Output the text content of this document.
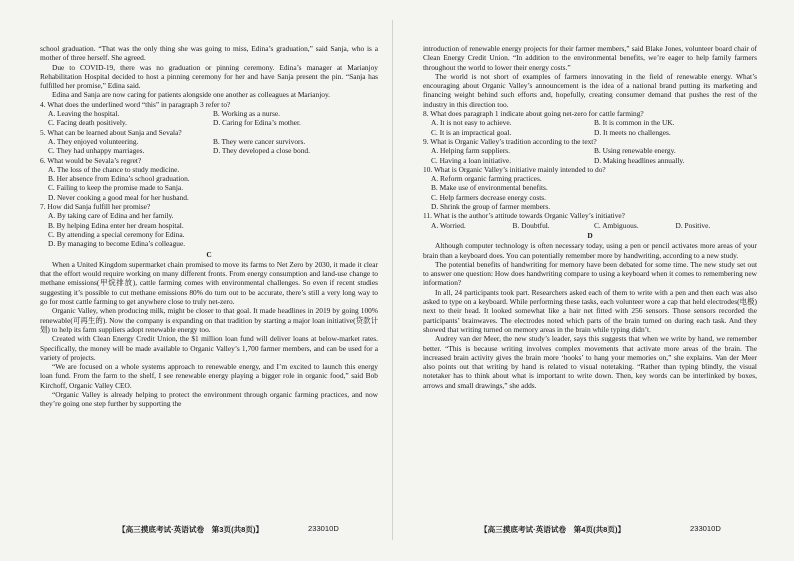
school graduation. “That was the only thing she was going to miss, Edina’s graduation,” said Sanja, who is a mother of three herself. She agreed.

Due to COVID-19, there was no graduation or pinning ceremony. Edina’s manager at Marianjoy Rehabilitation Hospital decided to host a pinning ceremony for her and have Sanja present the pin. “Sanja has fulfilled her promise,” Edina said.

Edina and Sanja are now caring for patients alongside one another as colleagues at Marianjoy.

4. What does the underlined word “this” in paragraph 3 refer to?

A. Leaving the hospital.	B. Working as a nurse.
C. Facing death positively.	D. Caring for Edina’s mother.

5. What can be learned about Sanja and Sevala?

A. They enjoyed volunteering.	B. They were cancer survivors.
C. They had unhappy marriages.	D. They developed a close bond.

6. What would be Sevala’s regret?

A. The loss of the chance to study medicine.
B. Her absence from Edina’s school graduation.
C. Failing to keep the promise made to Sanja.
D. Never cooking a good meal for her husband.

7. How did Sanja fulfill her promise?

A. By taking care of Edina and her family.
B. By helping Edina enter her dream hospital.
C. By attending a special ceremony for Edina.
D. By managing to become Edina’s colleague.
C

When a United Kingdom supermarket chain promised to move its farms to Net Zero by 2030, it made it clear that the effort would require working on many different fronts. From energy consumption and land-use change to methane emissions(甲烷排放), cattle farming comes with environmental challenges. So even if recent studies suggesting it’s possible to cut methane emissions 80% do turn out to be accurate, there’s still a very long way to go for most cattle farming to get anywhere close to truly net-zero.

Organic Valley, when producing milk, might be closer to that goal. It made headlines in 2019 by going 100% renewable(可再生的). Now the company is expanding on that tradition by starting a major loan initiative(贷款计划) to help its farm suppliers adopt renewable energy too.

Created with Clean Energy Credit Union, the $1 million loan fund will deliver loans at below-market rates. Specifically, the money will be made available to Organic Valley’s 1,700 farmer members, and can be used for a variety of projects.

“We are focused on a whole systems approach to renewable energy, and I’m excited to launch this energy loan fund. From the farm to the shelf, I see renewable energy playing a bigger role in organic food,” said Bob Kirchoff, Organic Valley CEO.

“Organic Valley is already helping to protect the environment through organic farming practices, and now they’re going one step further by supporting the

introduction of renewable energy projects for their farmer members,” said Blake Jones, volunteer board chair of Clean Energy Credit Union. “In addition to the environmental benefits, we’re eager to help family farmers throughout the world to lower their energy costs.”

The world is not short of examples of farmers innovating in the field of renewable energy. What’s encouraging about Organic Valley’s announcement is the idea of a national brand putting its marketing and financing weight behind such efforts and, hopefully, creating consumer demand that pushes the rest of the industry in this direction too.

8. What does paragraph 1 indicate about going net-zero for cattle farming?

A. It is not easy to achieve.	B. It is common in the UK.
C. It is an impractical goal.	D. It meets no challenges.

9. What is Organic Valley’s tradition according to the text?

A. Helping farm suppliers.	B. Using renewable energy.
C. Having a loan initiative.	D. Making headlines annually.

10. What is Organic Valley’s initiative mainly intended to do?

A. Reform organic farming practices.
B. Make use of environmental benefits.
C. Help farmers decrease energy costs.
D. Shrink the group of farmer members.

11. What is the author’s attitude towards Organic Valley’s initiative?

A. Worried.	B. Doubtful.	C. Ambiguous.	D. Positive.
D

Although computer technology is often necessary today, using a pen or pencil activates more areas of your brain than a keyboard does. You can potentially remember more by handwriting, according to a new study.

The potential benefits of handwriting for memory have been debated for some time. The new study set out to answer one question: How does handwriting compare to using a keyboard when it comes to remembering new information?

In all, 24 participants took part. Researchers asked each of them to write with a pen and then each was also asked to type on a keyboard. While performing these tasks, each volunteer wore a cap that held electrodes(电极) next to their head. It looked somewhat like a hair net fitted with 256 sensors. Those sensors recorded the participants’ brainwaves. The electrodes noted which parts of the brain turned on during each task. And they showed that writing turned on memory areas in the brain while typing didn’t.

Audrey van der Meer, the new study’s leader, says this suggests that when we write by hand, we remember better. “This is because writing involves complex movements that activate more areas of the brain. The increased brain activity gives the brain more ‘hooks’ to hang your memories on,” she explains. Van der Meer also points out that writing by hand is related to visual notetaking. “Rather than typing blindly, the visual notetaker has to think about what is important to write down. Then, key words can be interlinked by boxes, arrows and small drawings,” she adds.

【高三摸底考试·英语试卷　第3页(共8页)】	233010D	【高三摸底考试·英语试卷　第4页(共8页)】	233010D
